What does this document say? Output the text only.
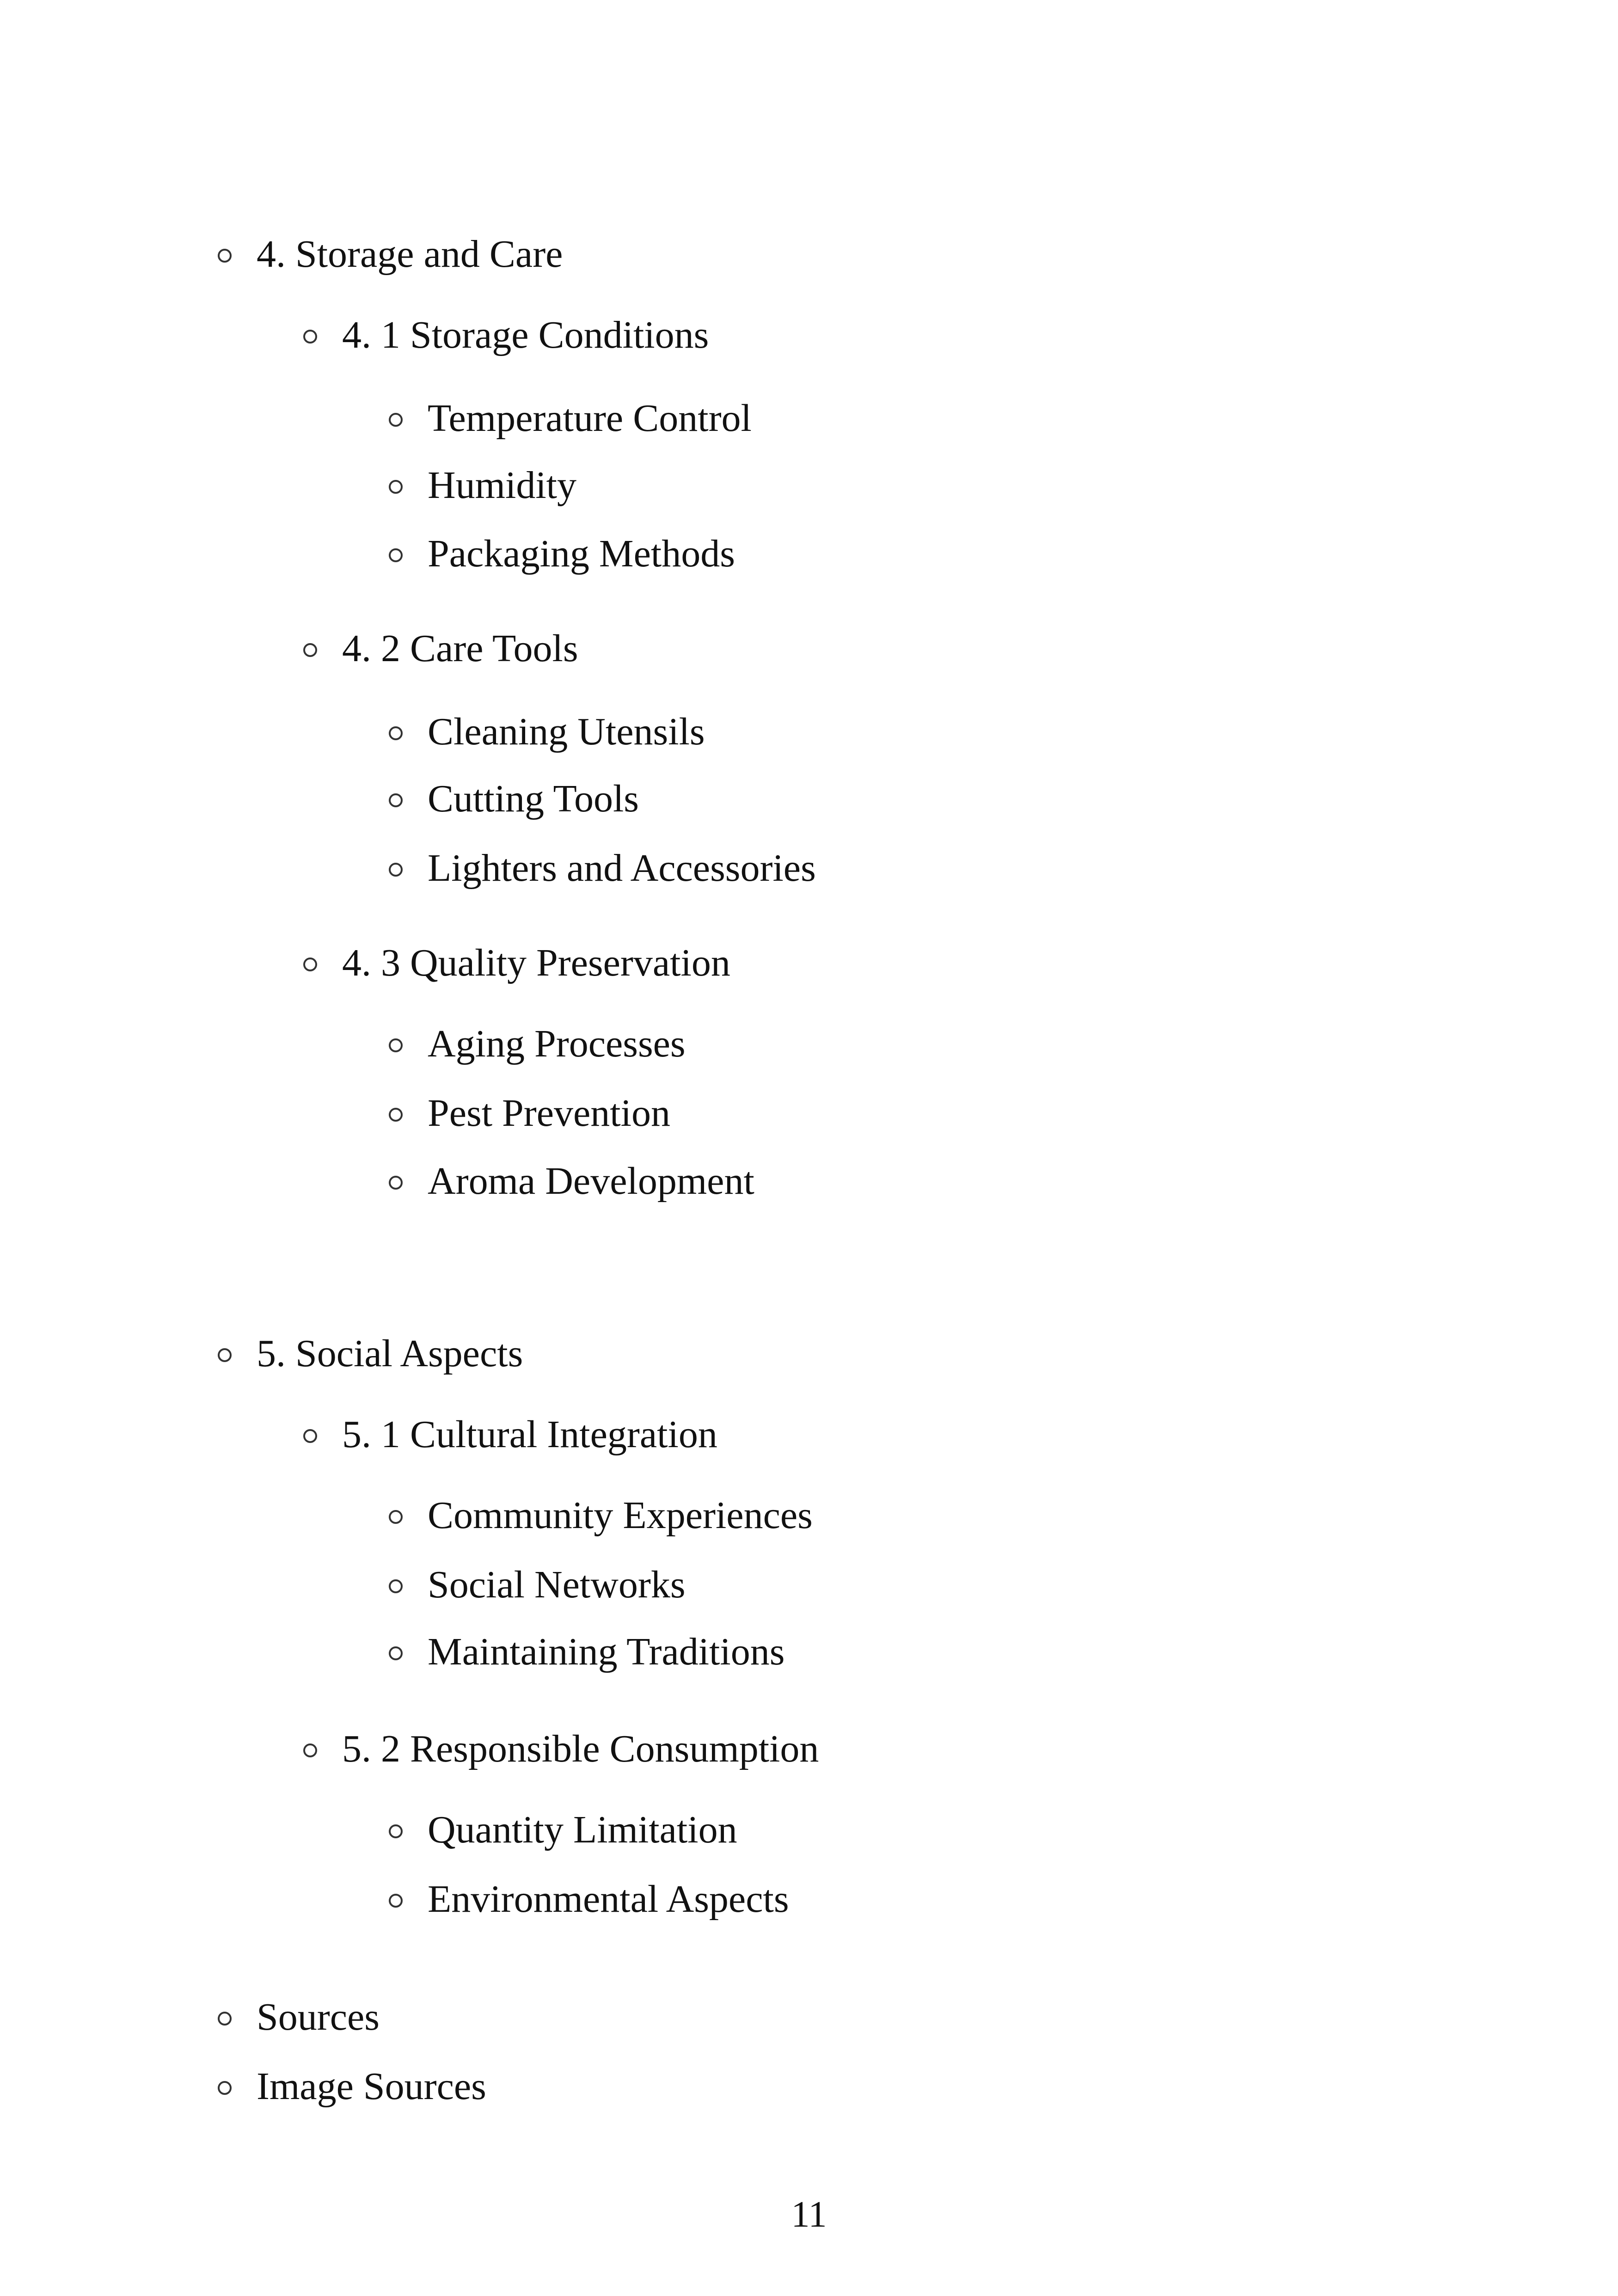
4. Storage and Care
4. 1 Storage Conditions
Temperature Control
Humidity
Packaging Methods
4. 2 Care Tools
Cleaning Utensils
Cutting Tools
Lighters and Accessories
4. 3 Quality Preservation
Aging Processes
Pest Prevention
Aroma Development
5. Social Aspects
5. 1 Cultural Integration
Community Experiences
Social Networks
Maintaining Traditions
5. 2 Responsible Consumption
Quantity Limitation
Environmental Aspects
Sources
Image Sources
11
